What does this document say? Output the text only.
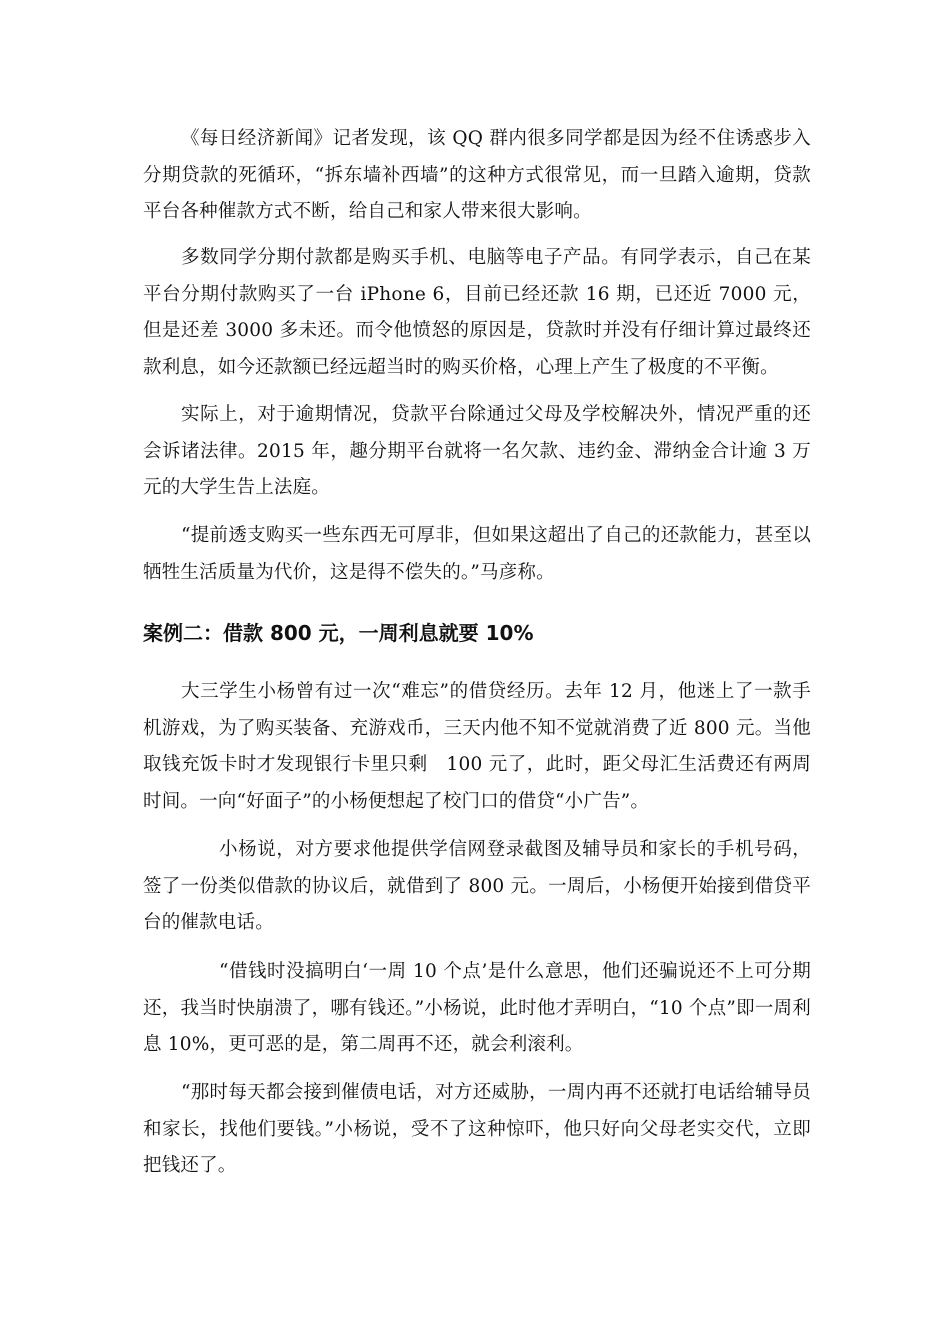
《每日经济新闻》记者发现，该 QQ 群内很多同学都是因为经不住诱惑步入分期贷款的死循环，“拆东墙补西墙”的这种方式很常见，而一旦踏入逾期，贷款平台各种催款方式不断，给自己和家人带来很大影响。

多数同学分期付款都是购买手机、电脑等电子产品。有同学表示，自己在某平台分期付款购买了一台 iPhone 6，目前已经还款 16 期，已还近 7000 元，但是还差 3000 多未还。而令他愤怒的原因是，贷款时并没有仔细计算过最终还款利息，如今还款额已经远超当时的购买价格，心理上产生了极度的不平衡。

实际上，对于逾期情况，贷款平台除通过父母及学校解决外，情况严重的还会诉诸法律。2015 年，趣分期平台就将一名欠款、违约金、滞纳金合计逾 3 万元的大学生告上法庭。

“提前透支购买一些东西无可厚非，但如果这超出了自己的还款能力，甚至以牺牲生活质量为代价，这是得不偿失的。”马彦称。

案例二：借款 800 元，一周利息就要 10%

大三学生小杨曾有过一次“难忘”的借贷经历。去年 12 月，他迷上了一款手机游戏，为了购买装备、充游戏币，三天内他不知不觉就消费了近 800 元。当他取钱充饭卡时才发现银行卡里只剩　100 元了，此时，距父母汇生活费还有两周时间。一向“好面子”的小杨便想起了校门口的借贷“小广告”。

小杨说，对方要求他提供学信网登录截图及辅导员和家长的手机号码，签了一份类似借款的协议后，就借到了 800 元。一周后，小杨便开始接到借贷平台的催款电话。

“借钱时没搞明白‘一周 10 个点’是什么意思，他们还骗说还不上可分期还，我当时快崩溃了，哪有钱还。”小杨说，此时他才弄明白，“10 个点”即一周利息 10%，更可恶的是，第二周再不还，就会利滚利。

“那时每天都会接到催债电话，对方还威胁，一周内再不还就打电话给辅导员和家长，找他们要钱。”小杨说，受不了这种惊吓，他只好向父母老实交代，立即把钱还了。
